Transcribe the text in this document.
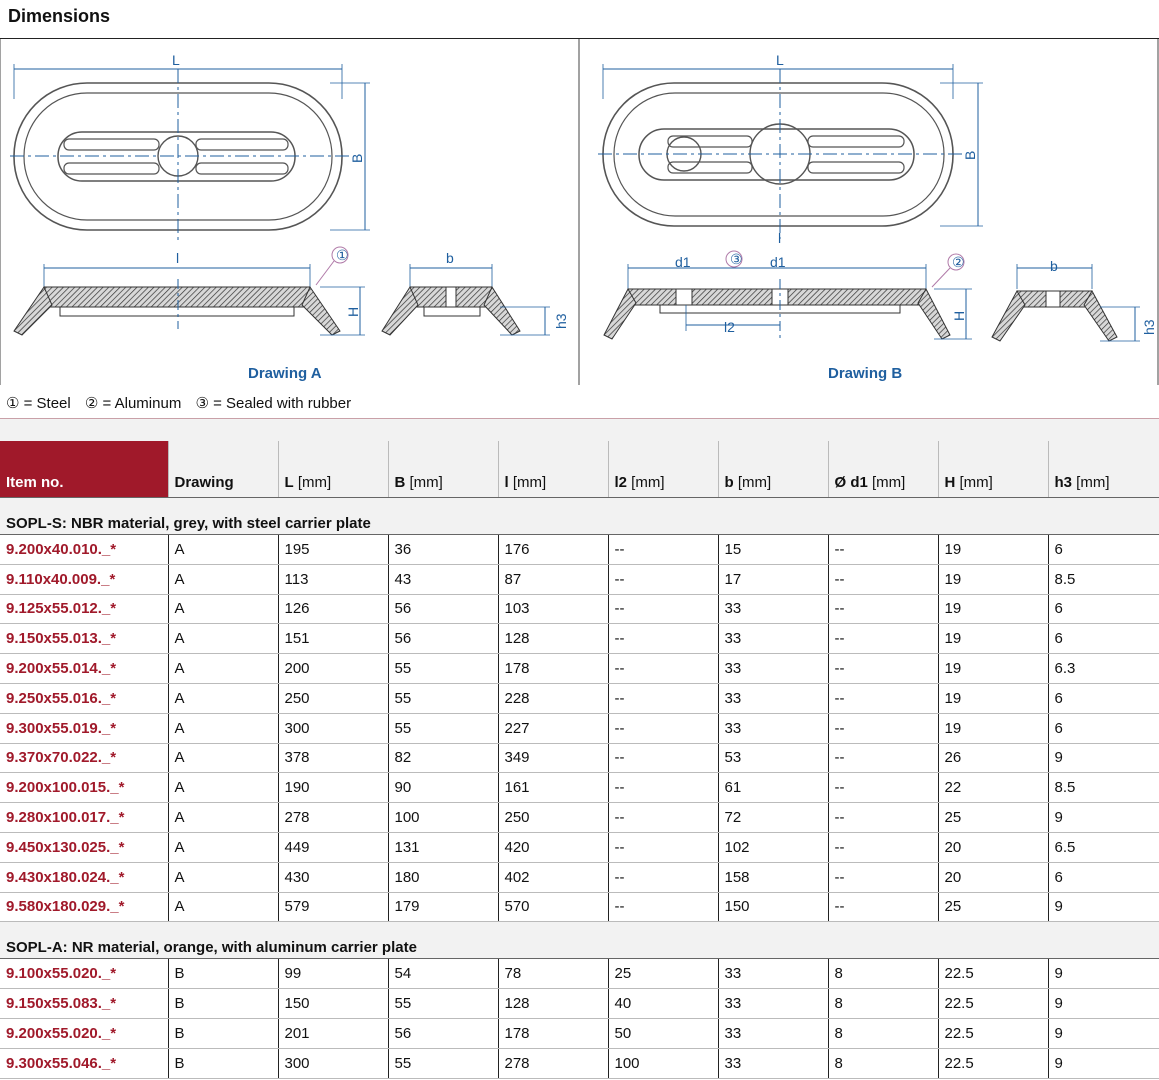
Dimensions
L
B
l	b
H
h3
①
L
B
l
d1	d1
l2
H
b
h3
③	②
Drawing A	Drawing B
① = Steel ② = Aluminum ③ = Sealed with rubber
Item no.	Drawing	L [mm]	B [mm]	l [mm]	l2 [mm]	b [mm]	Ø d1 [mm]	H [mm]	h3 [mm]
SOPL-S: NBR material, grey, with steel carrier plate									
9.200x40.010._*	A	195	36	176	--	15	--	19	6
9.110x40.009._*	A	113	43	87	--	17	--	19	8.5
9.125x55.012._*	A	126	56	103	--	33	--	19	6
9.150x55.013._*	A	151	56	128	--	33	--	19	6
9.200x55.014._*	A	200	55	178	--	33	--	19	6.3
9.250x55.016._*	A	250	55	228	--	33	--	19	6
9.300x55.019._*	A	300	55	227	--	33	--	19	6
9.370x70.022._*	A	378	82	349	--	53	--	26	9
9.200x100.015._*	A	190	90	161	--	61	--	22	8.5
9.280x100.017._*	A	278	100	250	--	72	--	25	9
9.450x130.025._*	A	449	131	420	--	102	--	20	6.5
9.430x180.024._*	A	430	180	402	--	158	--	20	6
9.580x180.029._*	A	579	179	570	--	150	--	25	9
SOPL-A: NR material, orange, with aluminum carrier plate									
9.100x55.020._*	B	99	54	78	25	33	8	22.5	9
9.150x55.083._*	B	150	55	128	40	33	8	22.5	9
9.200x55.020._*	B	201	56	178	50	33	8	22.5	9
9.300x55.046._*	B	300	55	278	100	33	8	22.5	9
